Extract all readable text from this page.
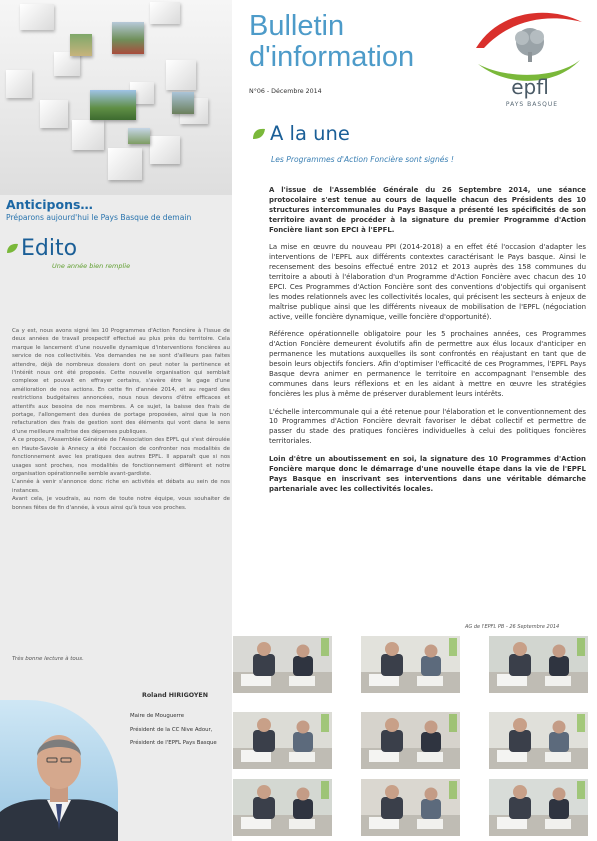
Anticipons…
Préparons aujourd'hui le Pays Basque de demain
Edito
Une année bien remplie

Ca y est, nous avons signé les 10 Programmes d'Action Foncière à l'issue de deux années de travail prospectif effectué au plus près du territoire. Cela marque le lancement d'une nouvelle dynamique d'interventions foncières au service de nos collectivités. Vos demandes ne se sont d'ailleurs pas faites attendre, déjà de nombreux dossiers dont on peut noter la pertinence et l'intérêt nous ont été proposés. Cette nouvelle organisation qui semblait complexe et pouvait en effrayer certains, s'avère être le gage d'une amélioration de nos actions. En cette fin d'année 2014, et au regard des restrictions budgétaires annoncées, nous nous devons d'être efficaces et attentifs aux besoins de nos membres. A ce sujet, la baisse des frais de portage, l'allongement des durées de portage proposées, ainsi que la non refacturation des frais de gestion sont des éléments qui vont dans le sens d'une meilleure maîtrise des dépenses publiques.

A ce propos, l'Assemblée Générale de l'Association des EPFL qui s'est déroulée en Haute-Savoie à Annecy a été l'occasion de confronter nos modalités de fonctionnement avec les pratiques des autres EPFL. Il apparaît que si nos usages sont proches, nos modalités de fonctionnement diffèrent et notre organisation opérationnelle semble avant-gardiste.

L'année à venir s'annonce donc riche en activités et débats au sein de nos instances.

Avant cela, je voudrais, au nom de toute notre équipe, vous souhaiter de bonnes fêtes de fin d'année, à vous ainsi qu'à tous vos proches.

Très bonne lecture à tous.
Roland HIRIGOYEN
Maire de Mouguerre
Président de la CC Nive Adour,
Président de l'EPFL Pays Basque
Bulletin
d'information
N°06 - Décembre 2014	epfl
PAYS BASQUE
A la une
Les Programmes d'Action Foncière sont signés !

A l'issue de l'Assemblée Générale du 26 Septembre 2014, une séance protocolaire s'est tenue au cours de laquelle chacun des Présidents des 10 structures intercommunales du Pays Basque a présenté les spécificités de son territoire avant de procéder à la signature du premier Programme d'Action Foncière liant son EPCI à l'EPFL.

La mise en œuvre du nouveau PPI (2014-2018) a en effet été l'occasion d'adapter les interventions de l'EPFL aux différents contextes caractérisant le Pays basque. Ainsi le recensement des besoins effectué entre 2012 et 2013 auprès des 158 communes du territoire a abouti à l'élaboration d'un Programme d'Action Foncière avec chacun des 10 EPCI. Ces Programmes d'Action Foncière sont des conventions d'objectifs qui organisent les modes relationnels avec les collectivités locales, qui précisent les secteurs à enjeux de maîtrise publique ainsi que les différents niveaux de mobilisation de l'EPFL (négociation active, veille foncière dynamique, veille foncière d'opportunité).

Référence opérationnelle obligatoire pour les 5 prochaines années, ces Programmes d'Action Foncière demeurent évolutifs afin de permettre aux élus locaux d'anticiper en permanence les mutations auxquelles ils sont confrontés en réajustant en tant que de besoin leurs objectifs fonciers. Afin d'optimiser l'efficacité de ces Programmes, l'EPFL Pays Basque devra animer en permanence le territoire en accompagnant l'ensemble des communes dans leurs réflexions et en les aidant à mettre en œuvre les stratégies foncières les plus à même de préserver durablement leurs intérêts.

L'échelle intercommunale qui a été retenue pour l'élaboration et le conventionnement des 10 Programmes d'Action Foncière devrait favoriser le débat collectif et permettre de passer du stade des pratiques foncières individuelles à celui des politiques foncières territoriales.

Loin d'être un aboutissement en soi, la signature des 10 Programmes d'Action Foncière marque donc le démarrage d'une nouvelle étape dans la vie de l'EPFL Pays Basque en inscrivant ses interventions dans une véritable démarche partenariale avec les collectivités locales.

AG de l'EPFL PB - 26 Septembre 2014
